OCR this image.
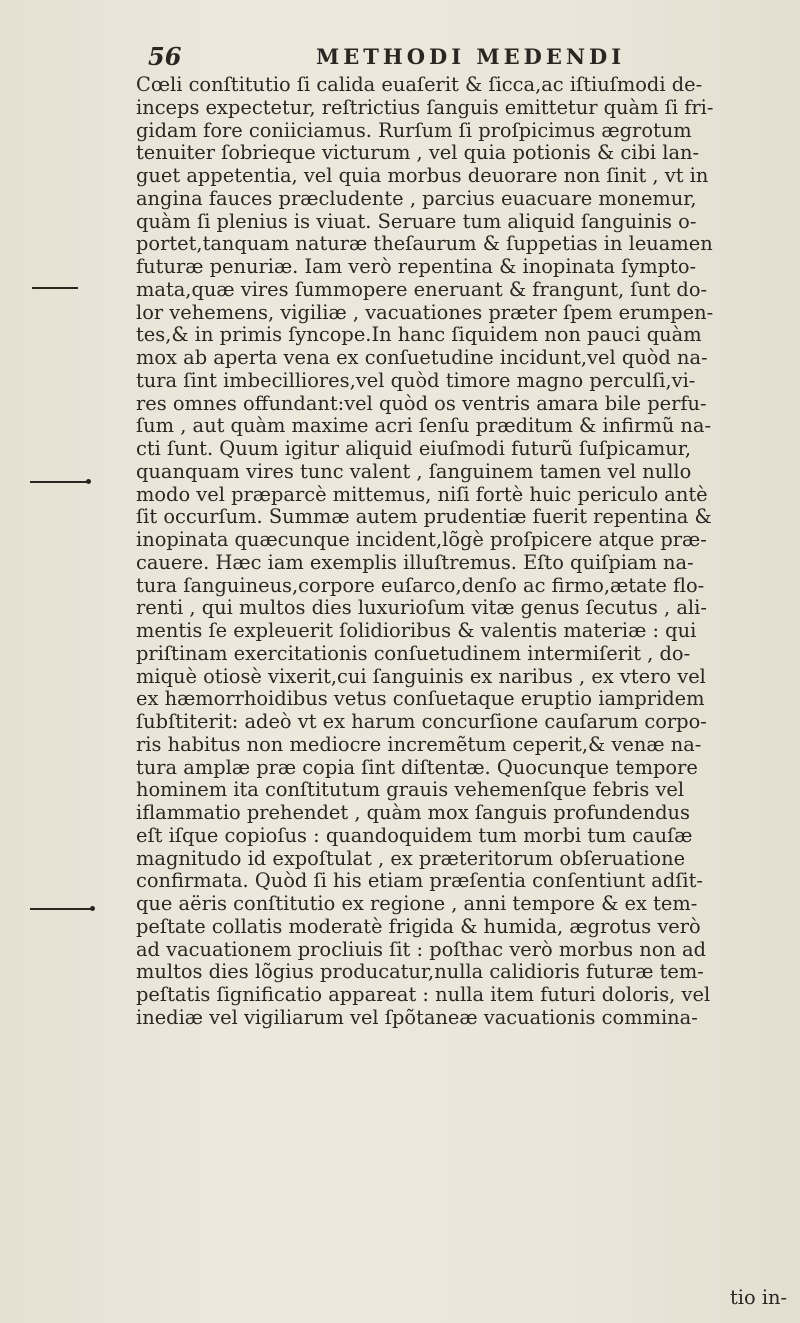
56	METHODI MEDENDI
Cœli conſtitutio ſi calida euaſerit & ſicca,ac iſtiuſmodi de-
inceps expectetur, reſtrictius ſanguis emittetur quàm ſi fri-
gidam fore coniiciamus. Rurſum ſi proſpicimus ægrotum
tenuiter ſobrieque victurum , vel quia potionis & cibi lan-
guet appetentia, vel quia morbus deuorare non ſinit , vt in
angina fauces præcludente , parcius euacuare monemur,
quàm ſi plenius is viuat. Seruare tum aliquid ſanguinis o-
portet,tanquam naturæ theſaurum & ſuppetias in leuamen
futuræ penuriæ. Iam verò repentina & inopinata ſympto-
mata,quæ vires ſummopere eneruant & frangunt, ſunt do-
lor vehemens, vigiliæ , vacuationes præter ſpem erumpen-
tes,& in primis ſyncope.In hanc ſiquidem non pauci quàm
mox ab aperta vena ex conſuetudine incidunt,vel quòd na-
tura ſint imbecilliores,vel quòd timore magno perculſi,vi-
res omnes offundant:vel quòd os ventris amara bile perfu-
ſum , aut quàm maxime acri ſenſu præditum & infirmũ na-
cti ſunt. Quum igitur aliquid eiuſmodi futurũ ſuſpicamur,
quanquam vires tunc valent , ſanguinem tamen vel nullo
modo vel præparcè mittemus, niſi fortè huic periculo antè
ſit occurſum. Summæ autem prudentiæ fuerit repentina &
inopinata quæcunque incident,lõgè proſpicere atque præ-
cauere. Hæc iam exemplis illuſtremus. Eſto quiſpiam na-
tura ſanguineus,corpore euſarco,denſo ac firmo,ætate flo-
renti , qui multos dies luxurioſum vitæ genus ſecutus , ali-
mentis ſe expleuerit ſolidioribus & valentis materiæ : qui
priſtinam exercitationis conſuetudinem intermiſerit , do-
miquè otiosè vixerit,cui ſanguinis ex naribus , ex vtero vel
ex hæmorrhoidibus vetus conſuetaque eruptio iampridem
ſubſtiterit: adeò vt ex harum concurſione cauſarum corpo-
ris habitus non mediocre incremẽtum ceperit,& venæ na-
tura amplæ præ copia ſint diſtentæ. Quocunque tempore
hominem ita conſtitutum grauis vehemenſque febris vel
iflammatio prehendet , quàm mox ſanguis profundendus
eſt iſque copioſus : quandoquidem tum morbi tum cauſæ
magnitudo id expoſtulat , ex præteritorum obſeruatione
confirmata. Quòd ſi his etiam præſentia conſentiunt adſit-
que aëris conſtitutio ex regione , anni tempore & ex tem-
peſtate collatis moderatè frigida & humida, ægrotus verò
ad vacuationem procliuis ſit : poſthac verò morbus non ad
multos dies lõgius producatur,nulla calidioris futuræ tem-
peſtatis ſignificatio appareat : nulla item futuri doloris, vel
inediæ vel vigiliarum vel ſpõtaneæ vacuationis commina-
tio in-
